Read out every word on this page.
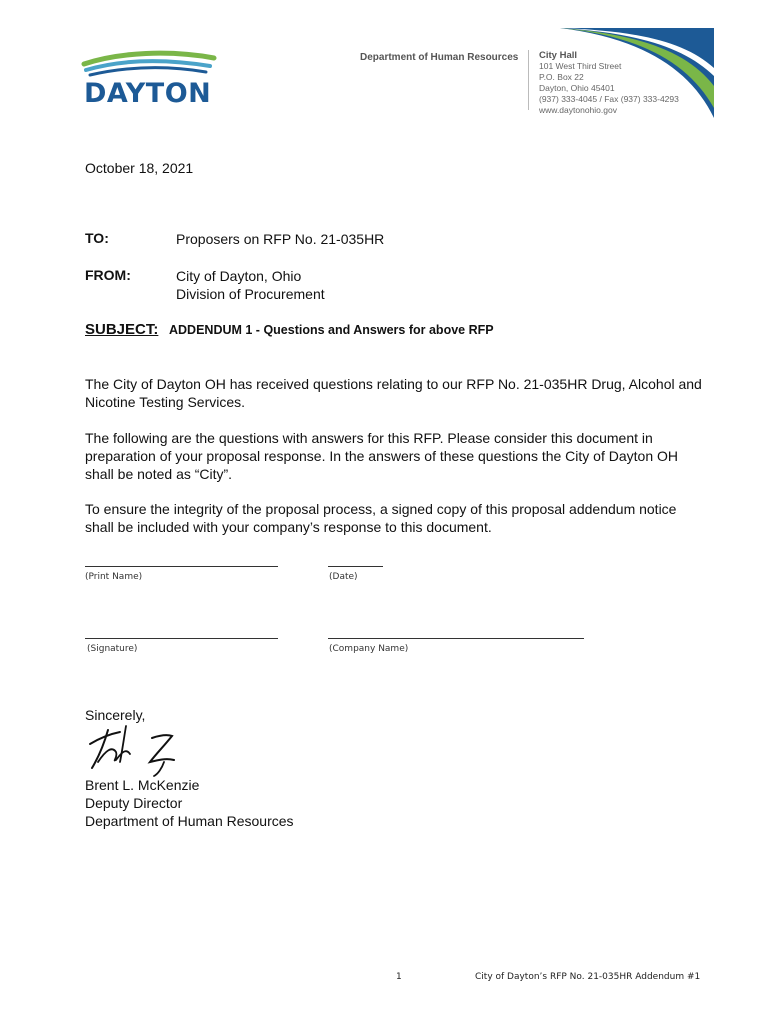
DAYTON
Department of Human Resources City Hall
101 West Third Street
P.O. Box 22
Dayton, Ohio 45401
(937) 333-4045 / Fax (937) 333-4293
www.daytonohio.gov
October 18, 2021
TO:	Proposers on RFP No. 21-035HR
FROM:	City of Dayton, Ohio
Division of Procurement
SUBJECT: ADDENDUM 1 - Questions and Answers for above RFP
The City of Dayton OH has received questions relating to our RFP No. 21-035HR Drug, Alcohol and
Nicotine Testing Services.
The following are the questions with answers for this RFP. Please consider this document in
preparation of your proposal response. In the answers of these questions the City of Dayton OH
shall be noted as “City”.
To ensure the integrity of the proposal process, a signed copy of this proposal addendum notice
shall be included with your company’s response to this document.
(Print Name)	(Date)
(Signature)	(Company Name)
Sincerely,
Brent L. McKenzie
Deputy Director
Department of Human Resources
1	City of Dayton’s RFP No. 21-035HR Addendum #1
